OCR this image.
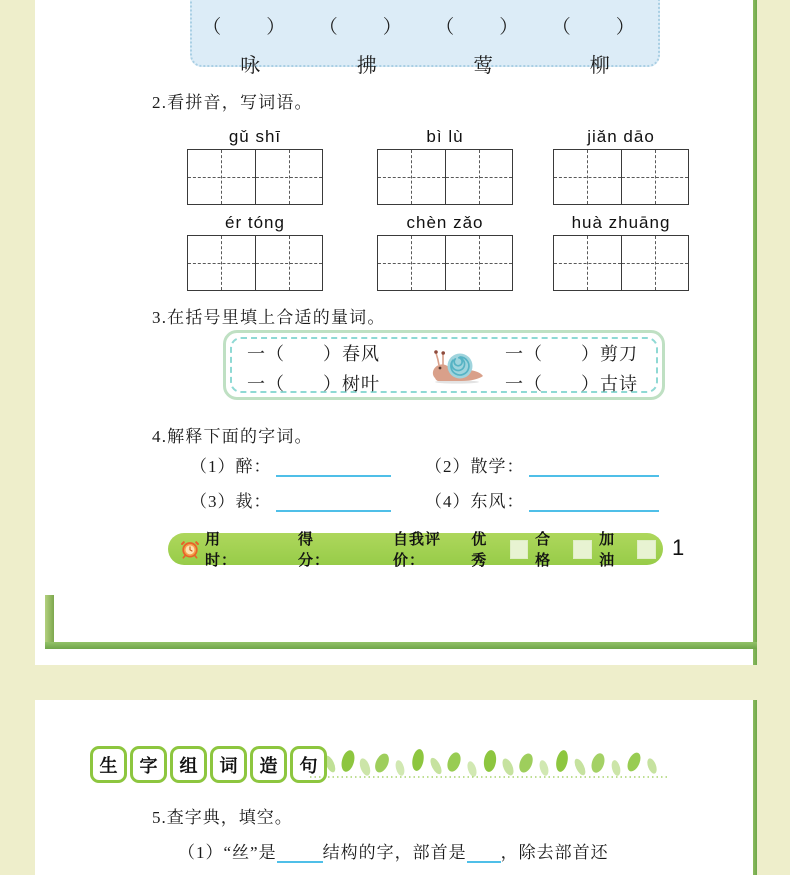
（　）	（　）	（　）	（　）
咏	拂	莺	柳
2.看拼音，写词语。
gǔ shī	bì lù	jiǎn dāo
ér tóng	chèn zǎo	huà zhuāng
3.在括号里填上合适的量词。
一（　　）春风	一（　　）剪刀
一（　　）树叶	一（　　）古诗
4.解释下面的字词。
（1）醉：	（2）散学：
（3）裁：	（4）东风：
用时：
得分：
自我评价：
优秀
合格
加油	1
生	字	组	词	造	句
5.查字典，填空。
（1）“丝”是	结构的字，部首是 ，除去部首还
